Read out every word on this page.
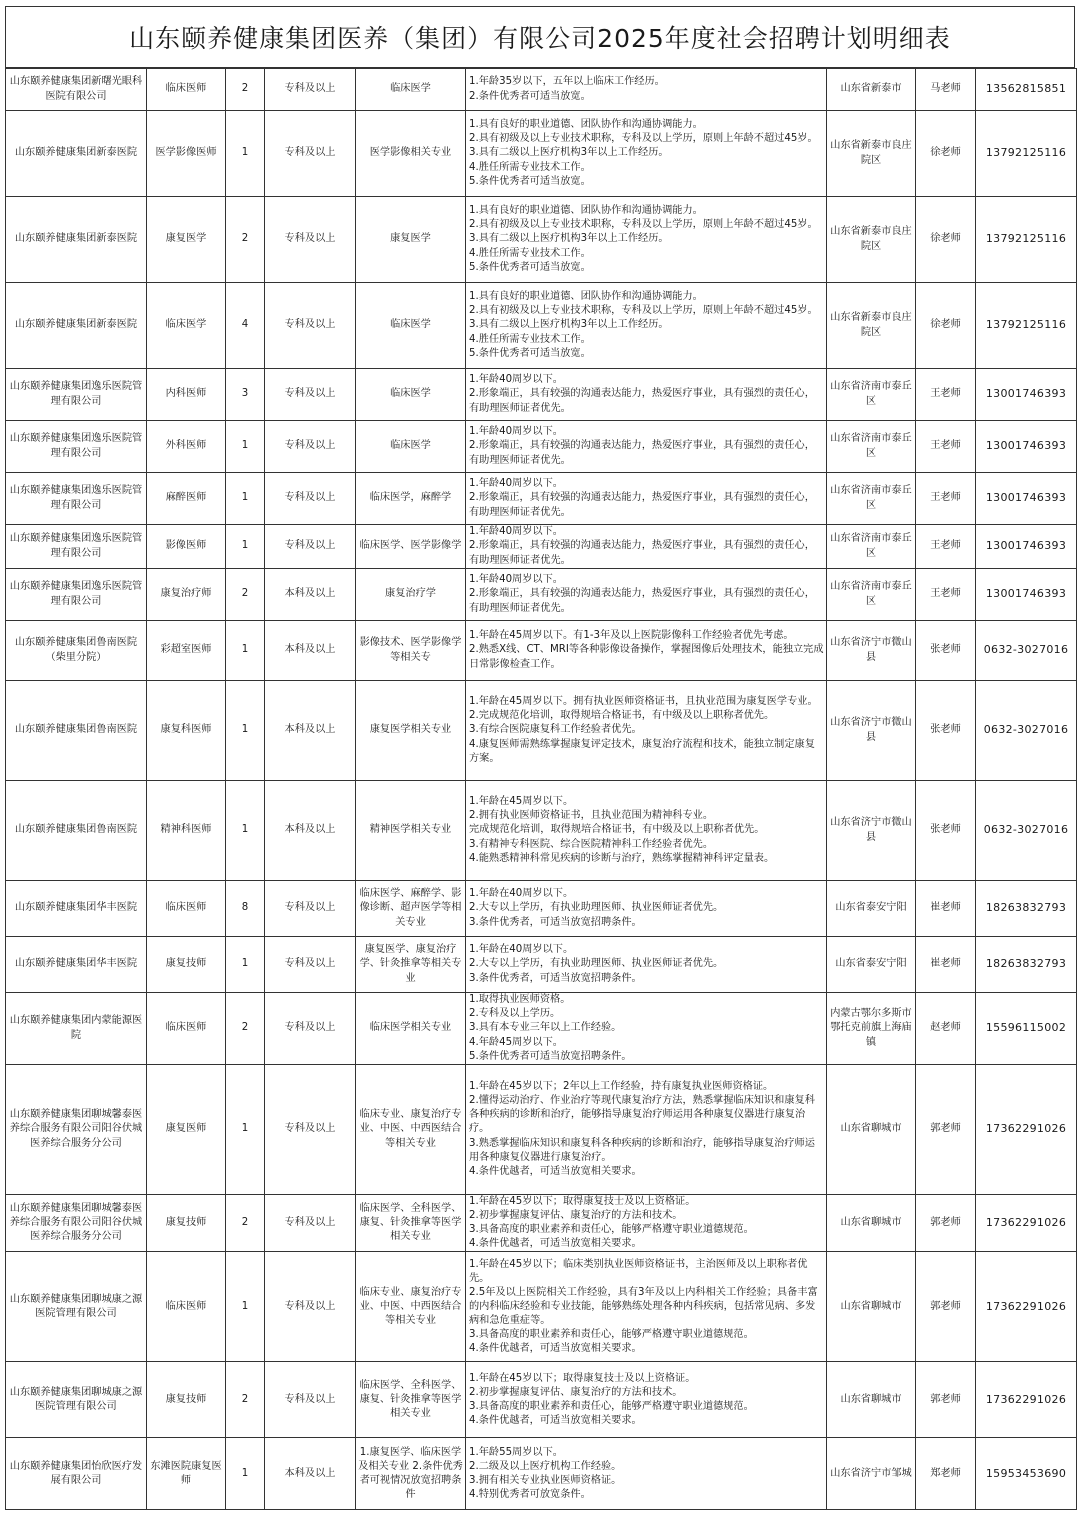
山东颐养健康集团医养（集团）有限公司2025年度社会招聘计划明细表
山东颐养健康集团新曙光眼科医院有限公司	临床医师	2	专科及以上	临床医学	1.年龄35岁以下，五年以上临床工作经历。
2.条件优秀者可适当放宽。	山东省新泰市	马老师	13562815851
山东颐养健康集团新泰医院	医学影像医师	1	专科及以上	医学影像相关专业	1.具有良好的职业道德、团队协作和沟通协调能力。
2.具有初级及以上专业技术职称，专科及以上学历，原则上年龄不超过45岁。
3.具有二级以上医疗机构3年以上工作经历。
4.胜任所需专业技术工作。
5.条件优秀者可适当放宽。	山东省新泰市良庄院区	徐老师	13792125116
山东颐养健康集团新泰医院	康复医学	2	专科及以上	康复医学	1.具有良好的职业道德、团队协作和沟通协调能力。
2.具有初级及以上专业技术职称，专科及以上学历，原则上年龄不超过45岁。
3.具有二级以上医疗机构3年以上工作经历。
4.胜任所需专业技术工作。
5.条件优秀者可适当放宽。	山东省新泰市良庄院区	徐老师	13792125116
山东颐养健康集团新泰医院	临床医学	4	专科及以上	临床医学	1.具有良好的职业道德、团队协作和沟通协调能力。
2.具有初级及以上专业技术职称，专科及以上学历，原则上年龄不超过45岁。
3.具有二级以上医疗机构3年以上工作经历。
4.胜任所需专业技术工作。
5.条件优秀者可适当放宽。	山东省新泰市良庄院区	徐老师	13792125116
山东颐养健康集团逸乐医院管理有限公司	内科医师	3	专科及以上	临床医学	1.年龄40周岁以下。
2.形象端正，具有较强的沟通表达能力，热爱医疗事业，具有强烈的责任心，有助理医师证者优先。	山东省济南市泰丘区	王老师	13001746393
山东颐养健康集团逸乐医院管理有限公司	外科医师	1	专科及以上	临床医学	1.年龄40周岁以下。
2.形象端正，具有较强的沟通表达能力，热爱医疗事业，具有强烈的责任心，有助理医师证者优先。	山东省济南市泰丘区	王老师	13001746393
山东颐养健康集团逸乐医院管理有限公司	麻醉医师	1	专科及以上	临床医学，麻醉学	1.年龄40周岁以下。
2.形象端正，具有较强的沟通表达能力，热爱医疗事业，具有强烈的责任心，有助理医师证者优先。	山东省济南市泰丘区	王老师	13001746393
山东颐养健康集团逸乐医院管理有限公司	影像医师	1	专科及以上	临床医学、医学影像学	1.年龄40周岁以下。
2.形象端正，具有较强的沟通表达能力，热爱医疗事业，具有强烈的责任心，有助理医师证者优先。	山东省济南市泰丘区	王老师	13001746393
山东颐养健康集团逸乐医院管理有限公司	康复治疗师	2	本科及以上	康复治疗学	1.年龄40周岁以下。
2.形象端正，具有较强的沟通表达能力，热爱医疗事业，具有强烈的责任心，有助理医师证者优先。	山东省济南市泰丘区	王老师	13001746393
山东颐养健康集团鲁南医院（柴里分院）	彩超室医师	1	本科及以上	影像技术、医学影像学等相关专	1.年龄在45周岁以下。有1-3年及以上医院影像科工作经验者优先考虑。
2.熟悉X线、CT、MRI等各种影像设备操作，掌握图像后处理技术，能独立完成日常影像检查工作。	山东省济宁市微山县	张老师	0632-3027016
山东颐养健康集团鲁南医院	康复科医师	1	本科及以上	康复医学相关专业	1.年龄在45周岁以下。拥有执业医师资格证书，且执业范围为康复医学专业。
2.完成规范化培训，取得规培合格证书，有中级及以上职称者优先。
3.有综合医院康复科工作经验者优先。
4.康复医师需熟练掌握康复评定技术，康复治疗流程和技术，能独立制定康复方案。	山东省济宁市微山县	张老师	0632-3027016
山东颐养健康集团鲁南医院	精神科医师	1	本科及以上	精神医学相关专业	1.年龄在45周岁以下。
2.拥有执业医师资格证书，且执业范围为精神科专业。
完成规范化培训，取得规培合格证书，有中级及以上职称者优先。
3.有精神专科医院、综合医院精神科工作经验者优先。
4.能熟悉精神科常见疾病的诊断与治疗，熟练掌握精神科评定量表。	山东省济宁市微山县	张老师	0632-3027016
山东颐养健康集团华丰医院	临床医师	8	专科及以上	临床医学、麻醉学、影像诊断、超声医学等相关专业	1.年龄在40周岁以下。
2.大专以上学历，有执业助理医师、执业医师证者优先。
3.条件优秀者，可适当放宽招聘条件。	山东省泰安宁阳	崔老师	18263832793
山东颐养健康集团华丰医院	康复技师	1	专科及以上	康复医学、康复治疗学、针灸推拿等相关专业	1.年龄在40周岁以下。
2.大专以上学历，有执业助理医师、执业医师证者优先。
3.条件优秀者，可适当放宽招聘条件。	山东省泰安宁阳	崔老师	18263832793
山东颐养健康集团内蒙能源医院	临床医师	2	专科及以上	临床医学相关专业	1.取得执业医师资格。
2.专科及以上学历。
3.具有本专业三年以上工作经验。
4.年龄45周岁以下。
5.条件优秀者可适当放宽招聘条件。	内蒙古鄂尔多斯市鄂托克前旗上海庙镇	赵老师	15596115002
山东颐养健康集团聊城馨泰医养综合服务有限公司阳谷伏城医养综合服务分公司	康复医师	1	专科及以上	临床专业、康复治疗专业、中医、中西医结合等相关专业	1.年龄在45岁以下；2年以上工作经验，持有康复执业医师资格证。
2.懂得运动治疗、作业治疗等现代康复治疗方法，熟悉掌握临床知识和康复科各种疾病的诊断和治疗，能够指导康复治疗师运用各种康复仪器进行康复治疗。
3.熟悉掌握临床知识和康复科各种疾病的诊断和治疗，能够指导康复治疗师运用各种康复仪器进行康复治疗。
4.条件优越者，可适当放宽相关要求。	山东省聊城市	郭老师	17362291026
山东颐养健康集团聊城馨泰医养综合服务有限公司阳谷伏城医养综合服务分公司	康复技师	2	专科及以上	临床医学、全科医学、康复、针灸推拿等医学相关专业	1.年龄在45岁以下；取得康复技士及以上资格证。
2.初步掌握康复评估、康复治疗的方法和技术。
3.具备高度的职业素养和责任心，能够严格遵守职业道德规范。
4.条件优越者，可适当放宽相关要求。	山东省聊城市	郭老师	17362291026
山东颐养健康集团聊城康之源医院管理有限公司	临床医师	1	专科及以上	临床专业、康复治疗专业、中医、中西医结合等相关专业	1.年龄在45岁以下；临床类别执业医师资格证书，主治医师及以上职称者优先。
2.5年及以上医院相关工作经验，具有3年及以上内科相关工作经验；具备丰富的内科临床经验和专业技能，能够熟练处理各种内科疾病，包括常见病、多发病和急危重症等。
3.具备高度的职业素养和责任心，能够严格遵守职业道德规范。
4.条件优越者，可适当放宽相关要求。	山东省聊城市	郭老师	17362291026
山东颐养健康集团聊城康之源医院管理有限公司	康复技师	2	专科及以上	临床医学、全科医学、康复、针灸推拿等医学相关专业	1.年龄在45岁以下；取得康复技士及以上资格证。
2.初步掌握康复评估、康复治疗的方法和技术。
3.具备高度的职业素养和责任心，能够严格遵守职业道德规范。
4.条件优越者，可适当放宽相关要求。	山东省聊城市	郭老师	17362291026
山东颐养健康集团怡欣医疗发展有限公司	东滩医院康复医师	1	本科及以上	1.康复医学、临床医学及相关专业 2.条件优秀者可视情况放宽招聘条件	1.年龄55周岁以下。
2.二级及以上医疗机构工作经验。
3.拥有相关专业执业医师资格证。
4.特别优秀者可放宽条件。	山东省济宁市邹城	郑老师	15953453690
